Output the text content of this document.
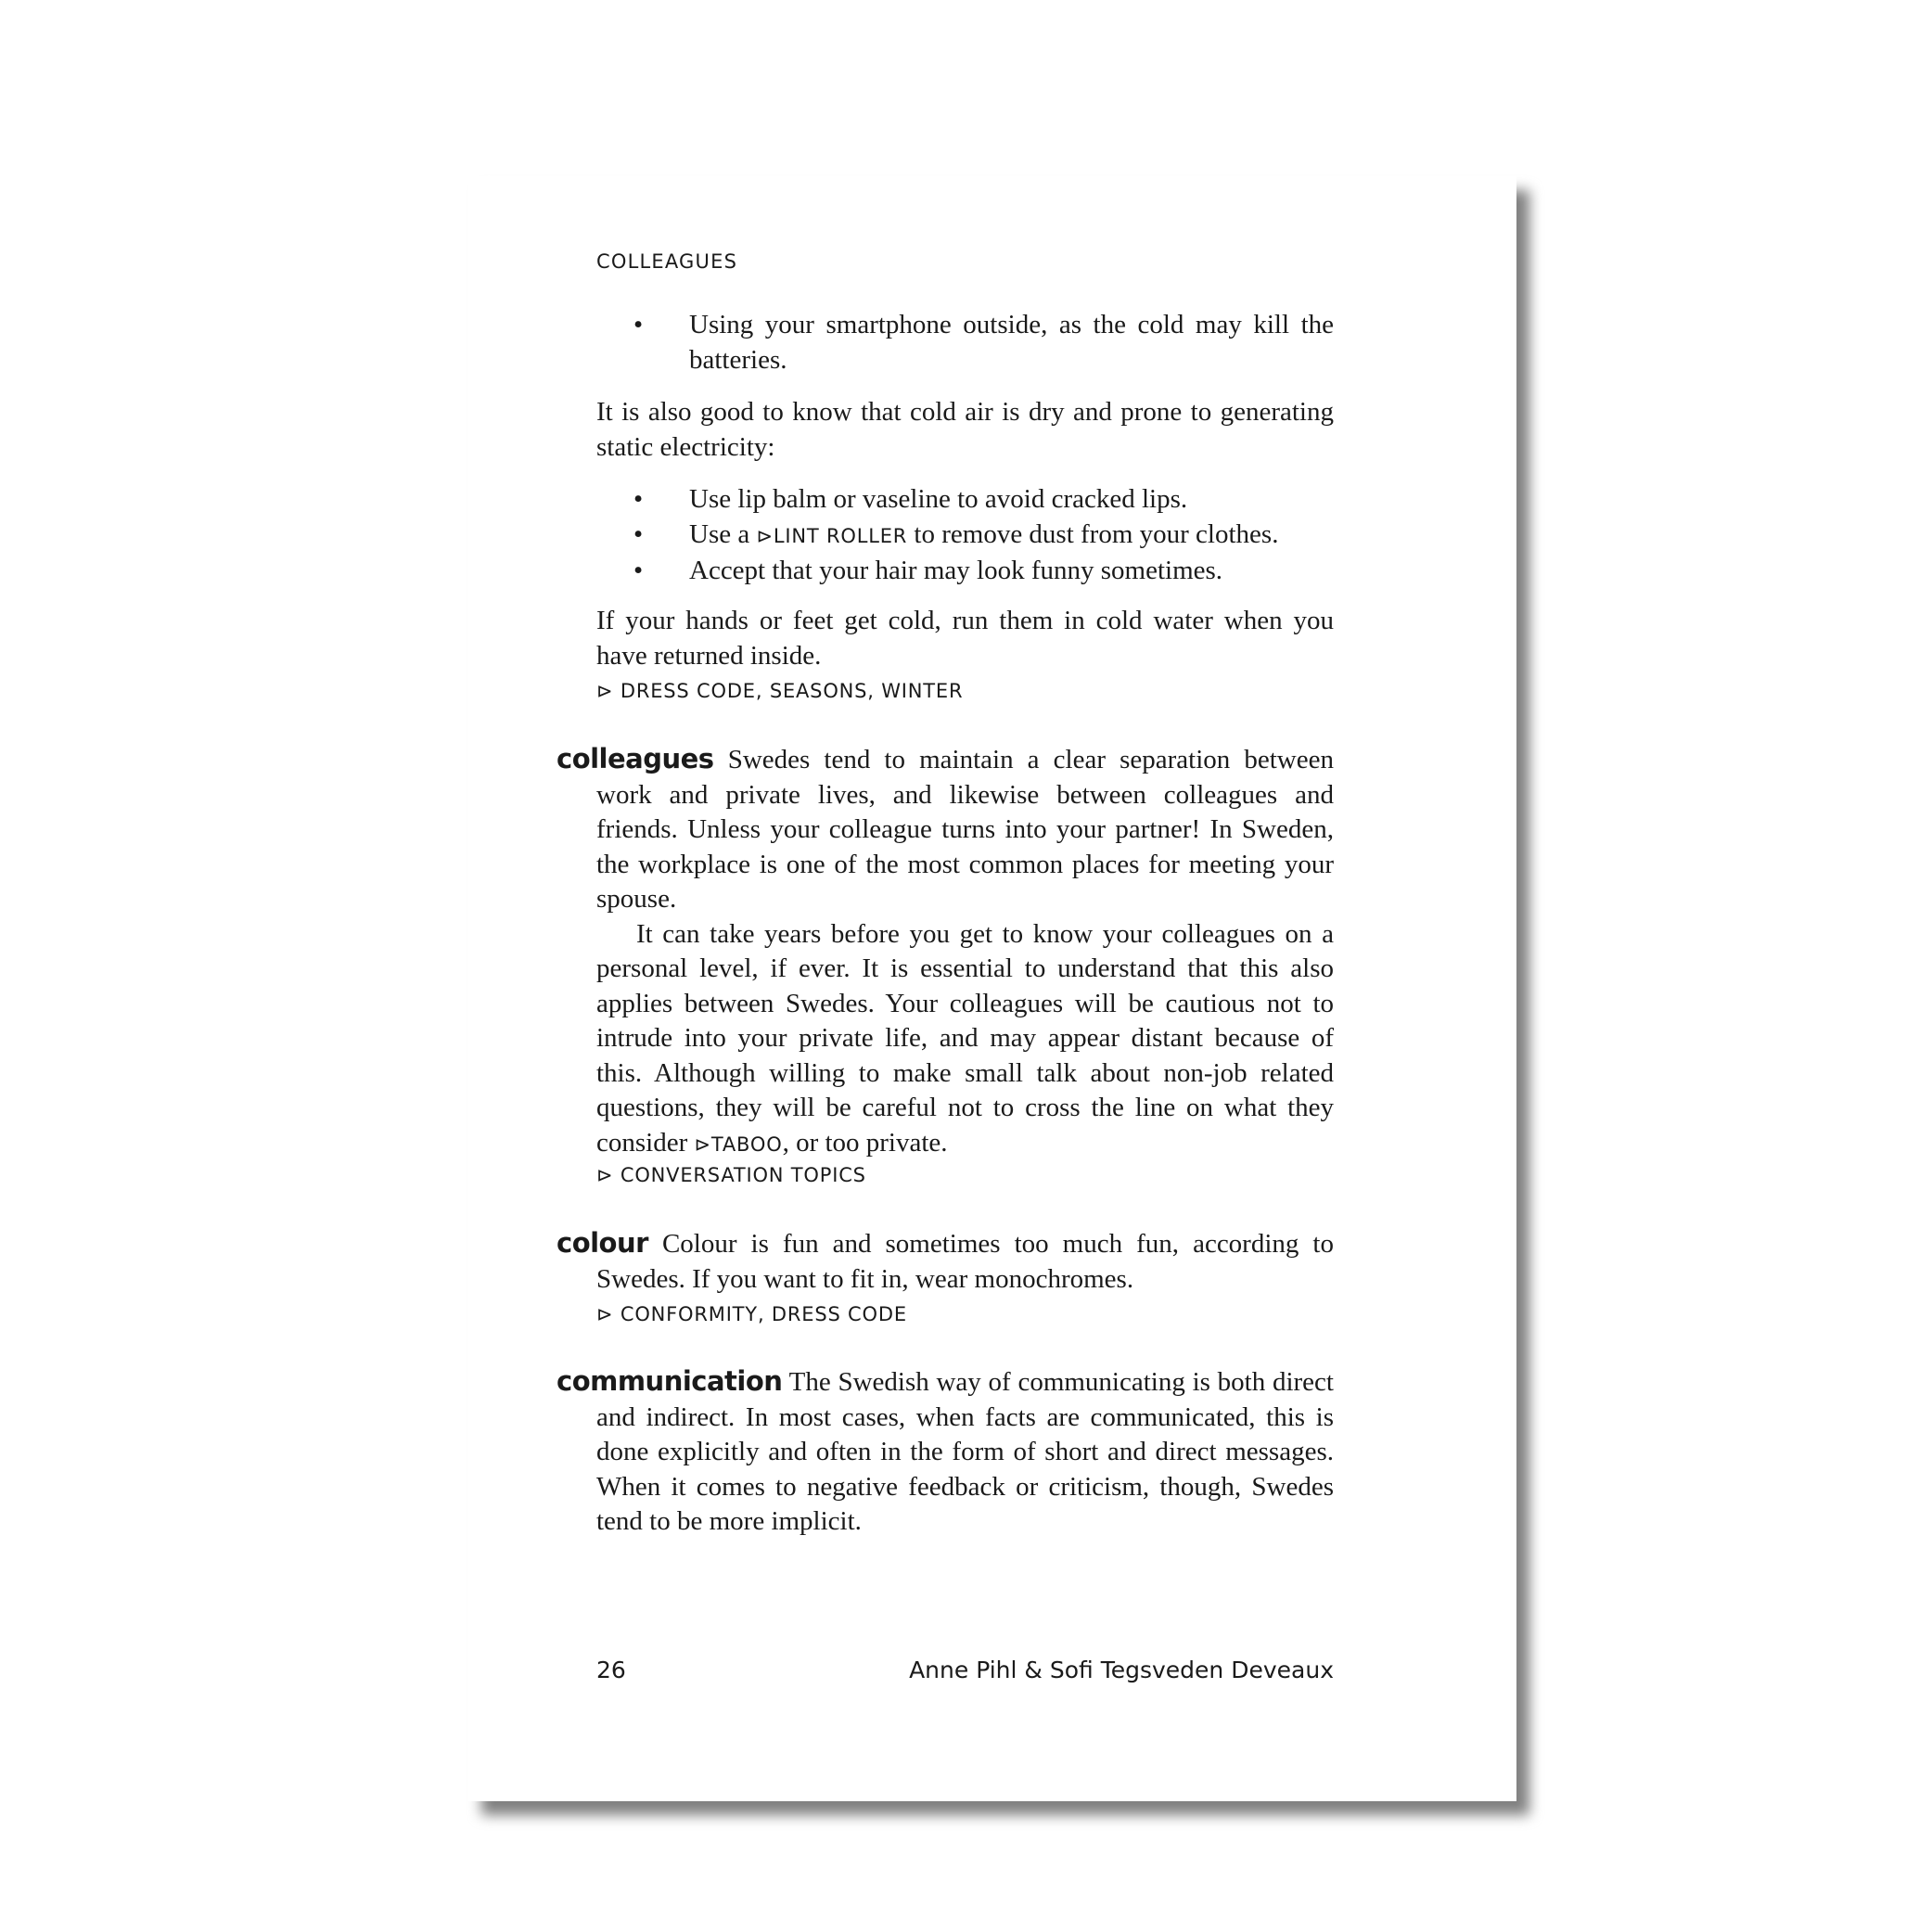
COLLEAGUES
• Using your smartphone outside, as the cold may kill the batteries.
It is also good to know that cold air is dry and prone to generating static electricity:
• Use lip balm or vaseline to avoid cracked lips.
• Use a ⊳LINT ROLLER to remove dust from your clothes.
• Accept that your hair may look funny sometimes.
If your hands or feet get cold, run them in cold water when you have returned inside.
⊳ DRESS CODE, SEASONS, WINTER

colleagues Swedes tend to maintain a clear separation between work and private lives, and likewise between colleagues and friends. Unless your colleague turns into your partner! In Sweden, the workplace is one of the most common places for meeting your spouse.

It can take years before you get to know your colleagues on a personal level, if ever. It is essential to understand that this also applies between Swedes. Your colleagues will be cautious not to intrude into your private life, and may appear distant because of this. Although willing to make small talk about non-job related questions, they will be careful not to cross the line on what they consider ⊳TABOO, or too private.

⊳ CONVERSATION TOPICS

colour Colour is fun and sometimes too much fun, according to Swedes. If you want to fit in, wear monochromes.

⊳ CONFORMITY, DRESS CODE

communication The Swedish way of communicating is both direct and indirect. In most cases, when facts are communicated, this is done explicitly and often in the form of short and direct messages. When it comes to negative feedback or criticism, though, Swedes tend to be more implicit.

26	Anne Pihl & Sofi Tegsveden Deveaux
